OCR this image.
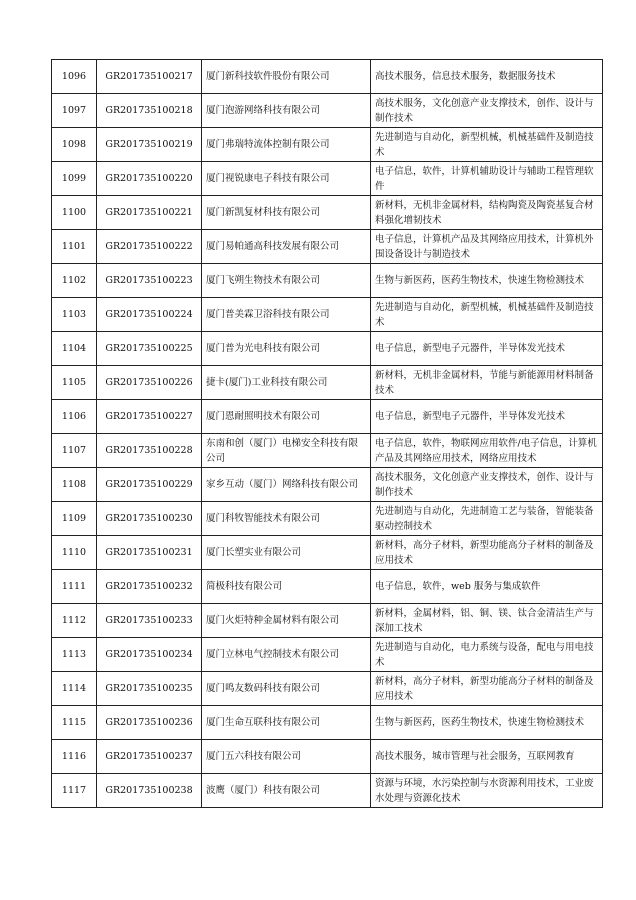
1096	GR201735100217	厦门新科技软件股份有限公司	高技术服务，信息技术服务，数据服务技术
1097	GR201735100218	厦门泡游网络科技有限公司	高技术服务，文化创意产业支撑技术，创作、设计与制作技术
1098	GR201735100219	厦门弗瑞特流体控制有限公司	先进制造与自动化，新型机械，机械基础件及制造技术
1099	GR201735100220	厦门视锐康电子科技有限公司	电子信息，软件，计算机辅助设计与辅助工程管理软件
1100	GR201735100221	厦门新凯复材科技有限公司	新材料，无机非金属材料，结构陶瓷及陶瓷基复合材料强化增韧技术
1101	GR201735100222	厦门易帕通高科技发展有限公司	电子信息，计算机产品及其网络应用技术，计算机外围设备设计与制造技术
1102	GR201735100223	厦门飞朔生物技术有限公司	生物与新医药，医药生物技术，快速生物检测技术
1103	GR201735100224	厦门普美霖卫浴科技有限公司	先进制造与自动化，新型机械，机械基础件及制造技术
1104	GR201735100225	厦门普为光电科技有限公司	电子信息，新型电子元器件，半导体发光技术
1105	GR201735100226	捷卡(厦门)工业科技有限公司	新材料，无机非金属材料，节能与新能源用材料制备技术
1106	GR201735100227	厦门恩耐照明技术有限公司	电子信息，新型电子元器件，半导体发光技术
1107	GR201735100228	东南和创（厦门）电梯安全科技有限公司	电子信息，软件，物联网应用软件/电子信息，计算机产品及其网络应用技术，网络应用技术
1108	GR201735100229	家乡互动（厦门）网络科技有限公司	高技术服务，文化创意产业支撑技术，创作、设计与制作技术
1109	GR201735100230	厦门科牧智能技术有限公司	先进制造与自动化，先进制造工艺与装备，智能装备驱动控制技术
1110	GR201735100231	厦门长塑实业有限公司	新材料，高分子材料，新型功能高分子材料的制备及应用技术
1111	GR201735100232	简极科技有限公司	电子信息，软件，web 服务与集成软件
1112	GR201735100233	厦门火炬特种金属材料有限公司	新材料，金属材料，铝、铜、镁、钛合金清洁生产与深加工技术
1113	GR201735100234	厦门立林电气控制技术有限公司	先进制造与自动化，电力系统与设备，配电与用电技术
1114	GR201735100235	厦门鸣友数码科技有限公司	新材料，高分子材料，新型功能高分子材料的制备及应用技术
1115	GR201735100236	厦门生命互联科技有限公司	生物与新医药，医药生物技术，快速生物检测技术
1116	GR201735100237	厦门五六科技有限公司	高技术服务，城市管理与社会服务，互联网教育
1117	GR201735100238	波鹰（厦门）科技有限公司	资源与环境，水污染控制与水资源利用技术，工业废水处理与资源化技术
